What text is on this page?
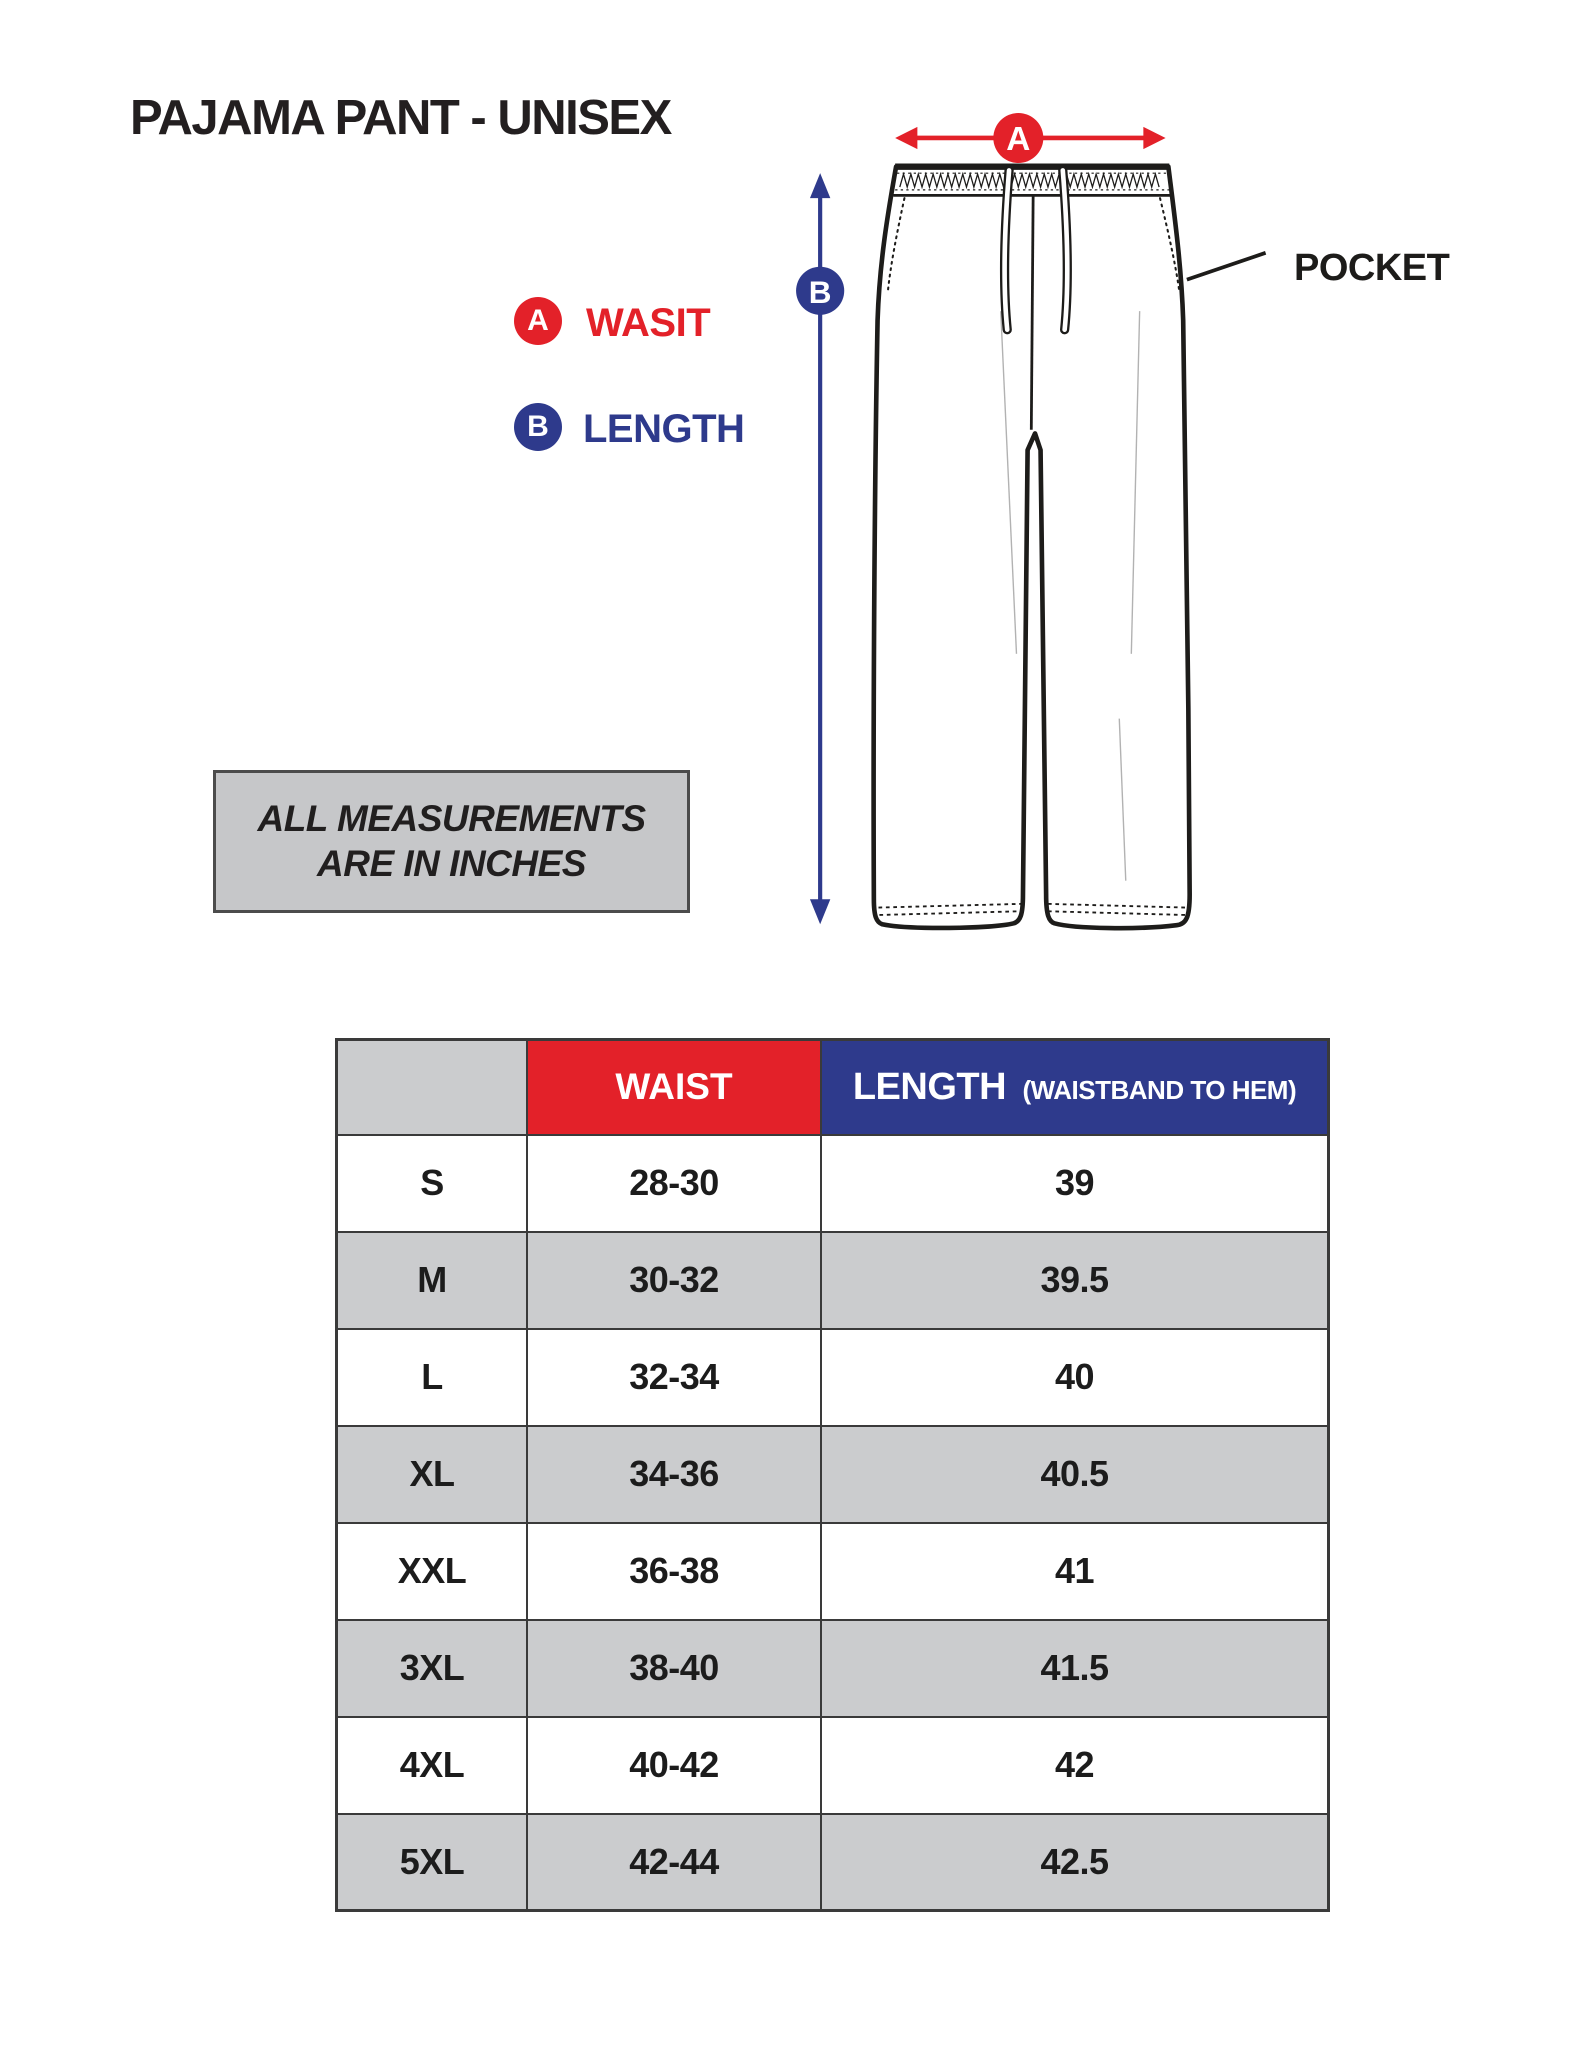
PAJAMA PANT - UNISEX	A
B
POCKET
A WASIT
B LENGTH
ALL MEASUREMENTS
ARE IN INCHES
	WAIST	LENGTH (WAISTBAND TO HEM)
S	28-30	39
M	30-32	39.5
L	32-34	40
XL	34-36	40.5
XXL	36-38	41
3XL	38-40	41.5
4XL	40-42	42
5XL	42-44	42.5
